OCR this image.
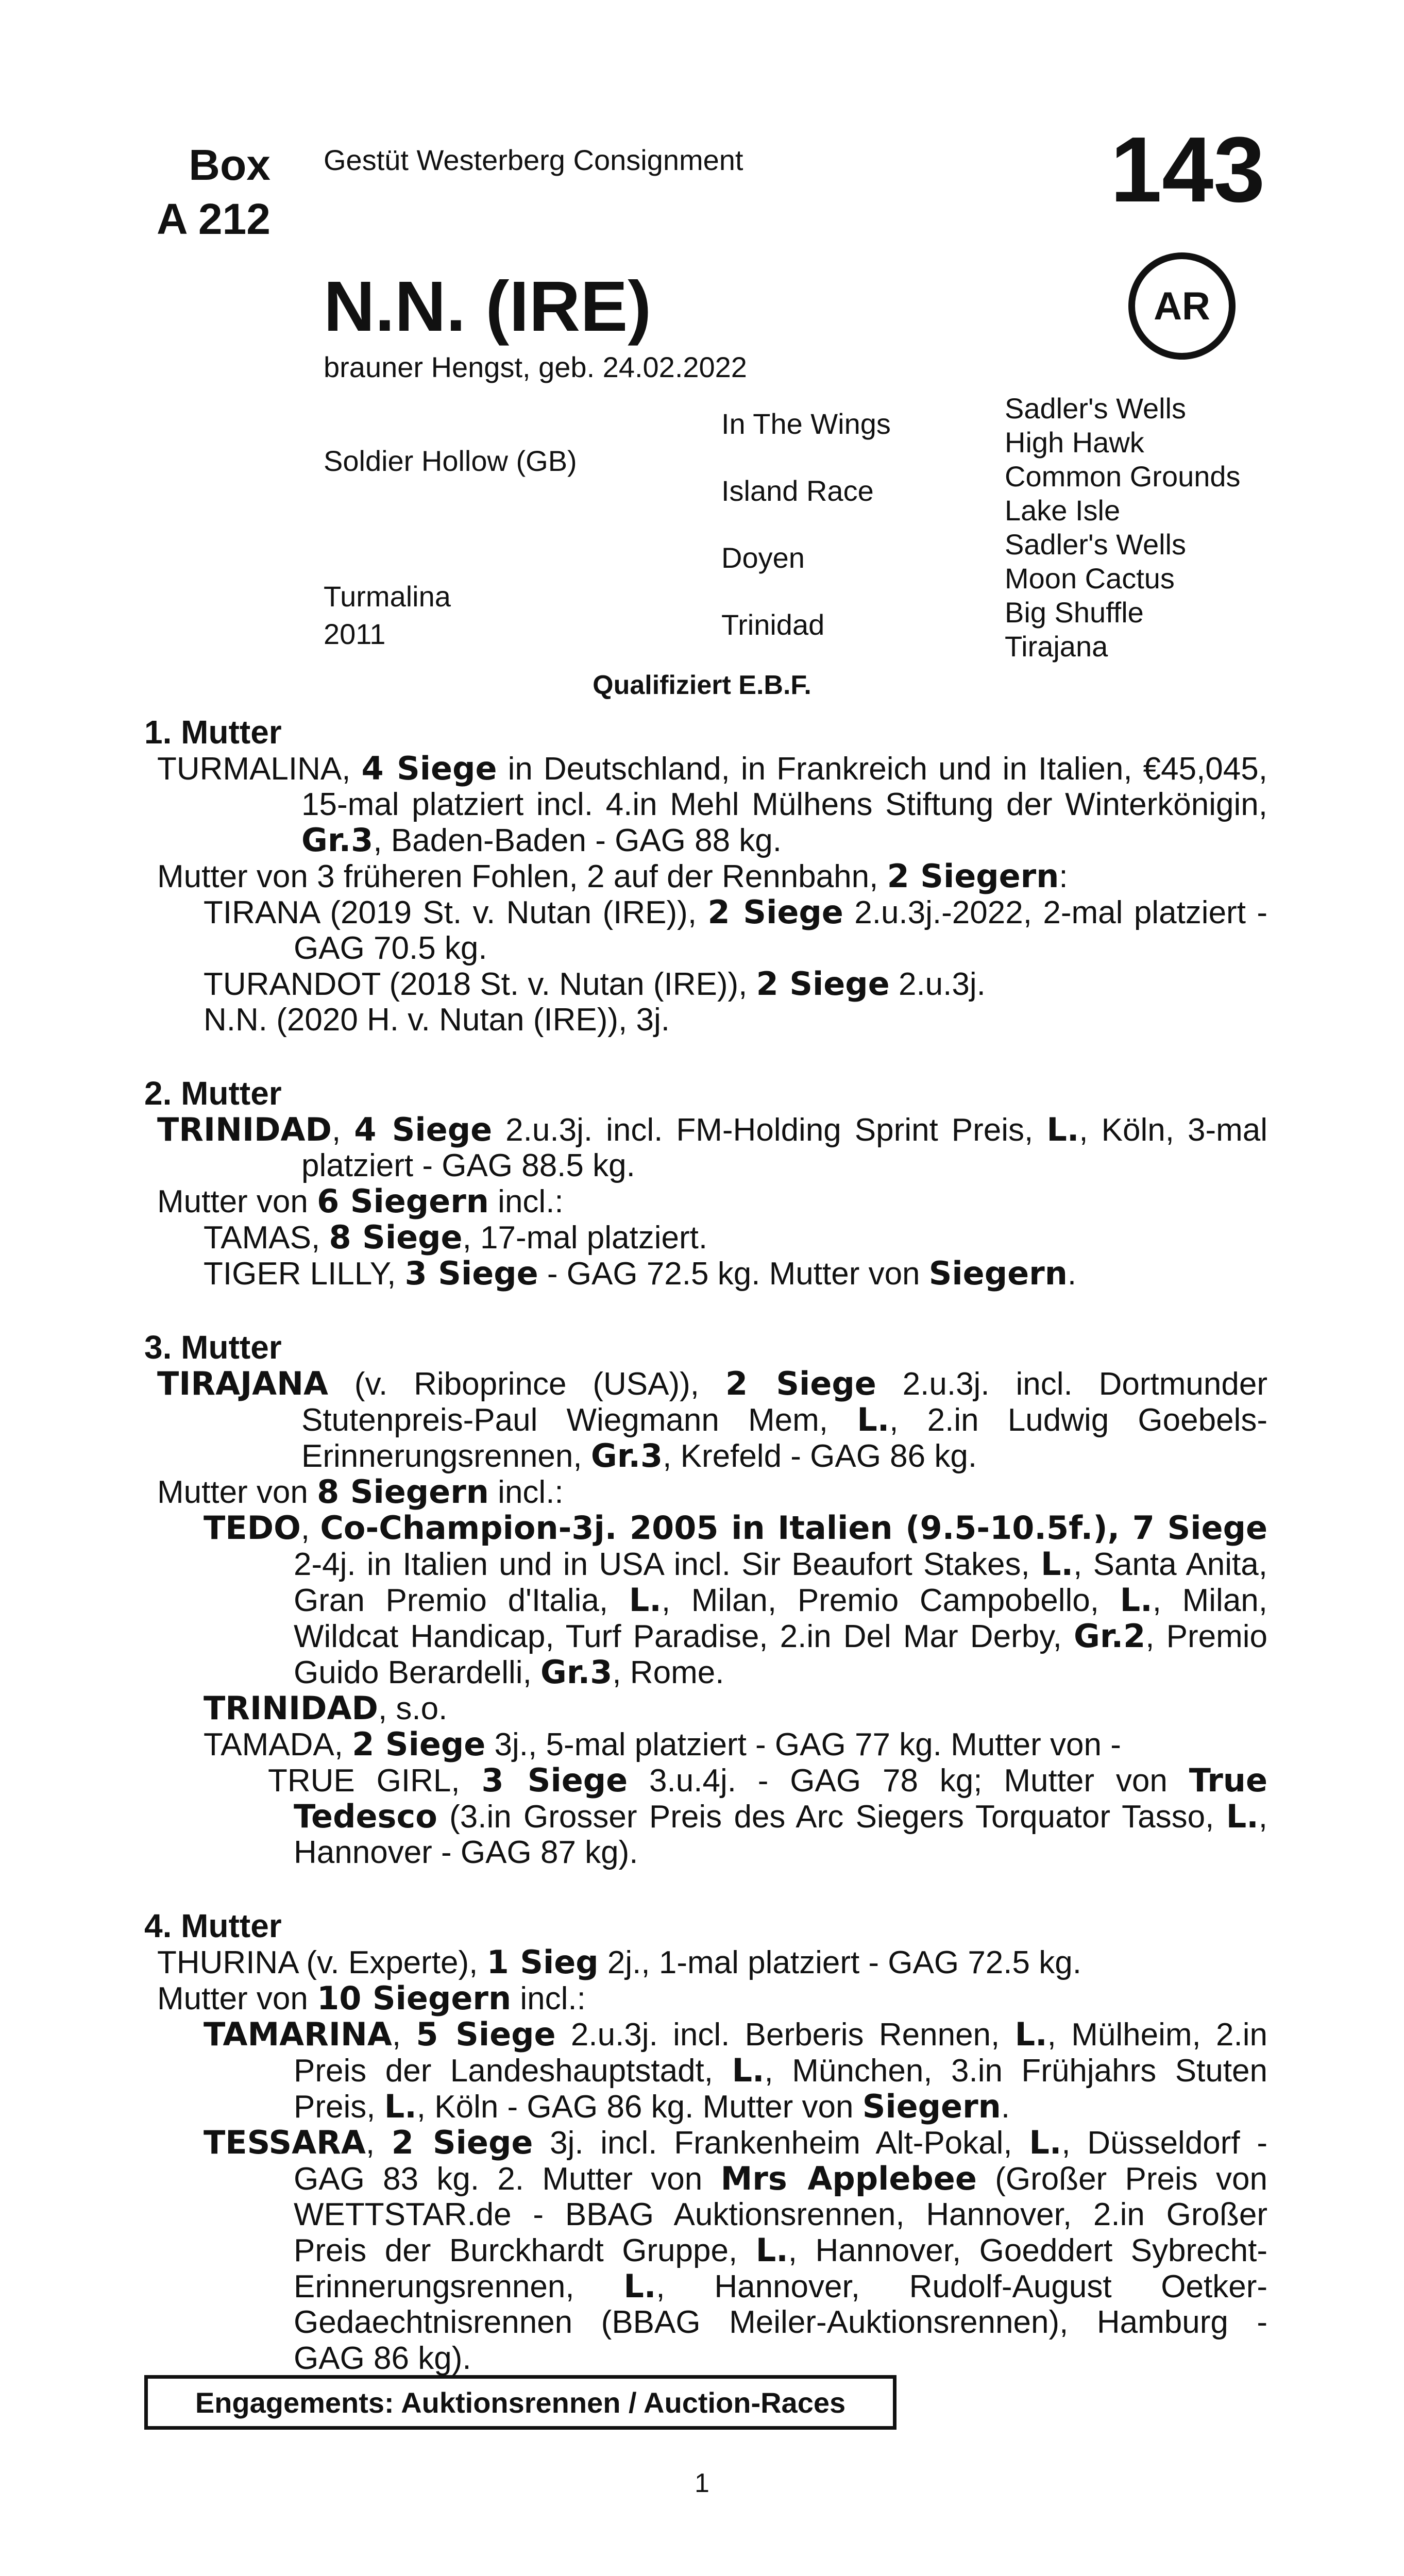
Box
A 212
Gestüt Westerberg Consignment	143
AR
N.N. (IRE)
brauner Hengst, geb. 24.02.2022
Soldier Hollow (GB)
Turmalina
2011
In The Wings
Island Race
Doyen
Trinidad
Sadler's Wells
High Hawk
Common Grounds
Lake Isle
Sadler's Wells
Moon Cactus
Big Shuffle
Tirajana
Qualifiziert E.B.F.
1. Mutter
TURMALINA, 4 Siege in Deutschland, in Frankreich und in Italien, €45,045, 15-mal platziert incl. 4.in Mehl Mülhens Stiftung der Winterkönigin, Gr.3, Baden-Baden - GAG 88 kg.
Mutter von 3 früheren Fohlen, 2 auf der Rennbahn, 2 Siegern:
TIRANA (2019 St. v. Nutan (IRE)), 2 Siege 2.u.3j.-2022, 2-mal platziert - GAG 70.5 kg.
TURANDOT (2018 St. v. Nutan (IRE)), 2 Siege 2.u.3j.
N.N. (2020 H. v. Nutan (IRE)), 3j.
2. Mutter
TRINIDAD, 4 Siege 2.u.3j. incl. FM-Holding Sprint Preis, L., Köln, 3-mal platziert - GAG 88.5 kg.
Mutter von 6 Siegern incl.:
TAMAS, 8 Siege, 17-mal platziert.
TIGER LILLY, 3 Siege - GAG 72.5 kg. Mutter von Siegern.
3. Mutter
TIRAJANA (v. Riboprince (USA)), 2 Siege 2.u.3j. incl. Dortmunder Stutenpreis-Paul Wiegmann Mem, L., 2.in Ludwig Goebels-Erinnerungsrennen, Gr.3, Krefeld - GAG 86 kg.
Mutter von 8 Siegern incl.:
TEDO, Co-Champion-3j. 2005 in Italien (9.5-10.5f.), 7 Siege 2-4j. in Italien und in USA incl. Sir Beaufort Stakes, L., Santa Anita, Gran Premio d'Italia, L., Milan, Premio Campobello, L., Milan, Wildcat Handicap, Turf Paradise, 2.in Del Mar Derby, Gr.2, Premio Guido Berardelli, Gr.3, Rome.
TRINIDAD, s.o.
TAMADA, 2 Siege 3j., 5-mal platziert - GAG 77 kg. Mutter von -
TRUE GIRL, 3 Siege 3.u.4j. - GAG 78 kg; Mutter von True Tedesco (3.in Grosser Preis des Arc Siegers Torquator Tasso, L., Hannover - GAG 87 kg).
4. Mutter
THURINA (v. Experte), 1 Sieg 2j., 1-mal platziert - GAG 72.5 kg.
Mutter von 10 Siegern incl.:
TAMARINA, 5 Siege 2.u.3j. incl. Berberis Rennen, L., Mülheim, 2.in Preis der Landeshauptstadt, L., München, 3.in Frühjahrs Stuten Preis, L., Köln - GAG 86 kg. Mutter von Siegern.
TESSARA, 2 Siege 3j. incl. Frankenheim Alt-Pokal, L., Düsseldorf - GAG 83 kg. 2. Mutter von Mrs Applebee (Großer Preis von WETTSTAR.de - BBAG Auktionsrennen, Hannover, 2.in Großer Preis der Burckhardt Gruppe, L., Hannover, Goeddert Sybrecht-Erinnerungsrennen, L., Hannover, Rudolf-August Oetker-Gedaechtnisrennen (BBAG Meiler-Auktionsrennen), Hamburg - GAG 86 kg).
Engagements: Auktionsrennen / Auction-Races
1
